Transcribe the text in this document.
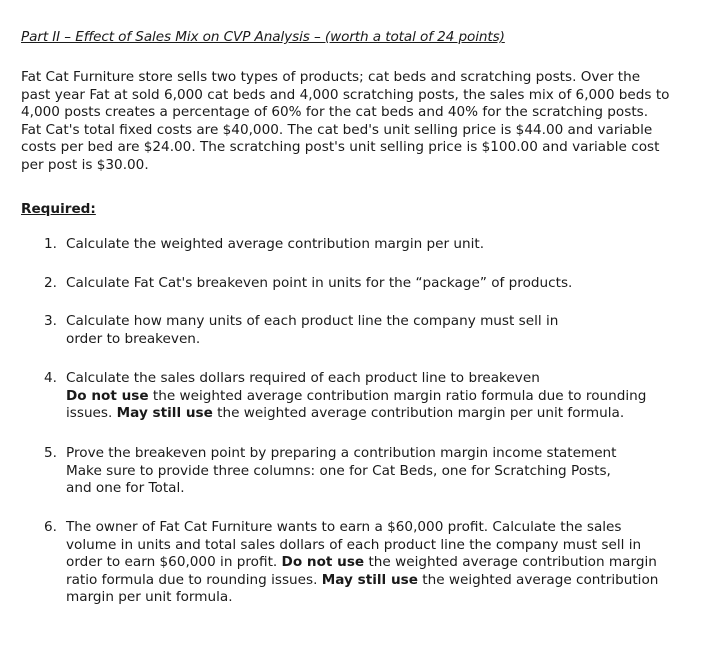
Part II – Effect of Sales Mix on CVP Analysis – (worth a total of 24 points)

Fat Cat Furniture store sells two types of products; cat beds and scratching posts. Over the

past year Fat at sold 6,000 cat beds and 4,000 scratching posts, the sales mix of 6,000 beds to

4,000 posts creates a percentage of 60% for the cat beds and 40% for the scratching posts.

Fat Cat's total fixed costs are $40,000. The cat bed's unit selling price is $44.00 and variable

costs per bed are $24.00. The scratching post's unit selling price is $100.00 and variable cost

per post is $30.00.

Required:
1. Calculate the weighted average contribution margin per unit.
2. Calculate Fat Cat's breakeven point in units for the “package” of products.
3. Calculate how many units of each product line the company must sell in
order to breakeven.
4. Calculate the sales dollars required of each product line to breakeven
Do not use the weighted average contribution margin ratio formula due to rounding
issues. May still use the weighted average contribution margin per unit formula.
5. Prove the breakeven point by preparing a contribution margin income statement
Make sure to provide three columns: one for Cat Beds, one for Scratching Posts,
and one for Total.
6. The owner of Fat Cat Furniture wants to earn a $60,000 profit. Calculate the sales
volume in units and total sales dollars of each product line the company must sell in
order to earn $60,000 in profit. Do not use the weighted average contribution margin
ratio formula due to rounding issues. May still use the weighted average contribution
margin per unit formula.
